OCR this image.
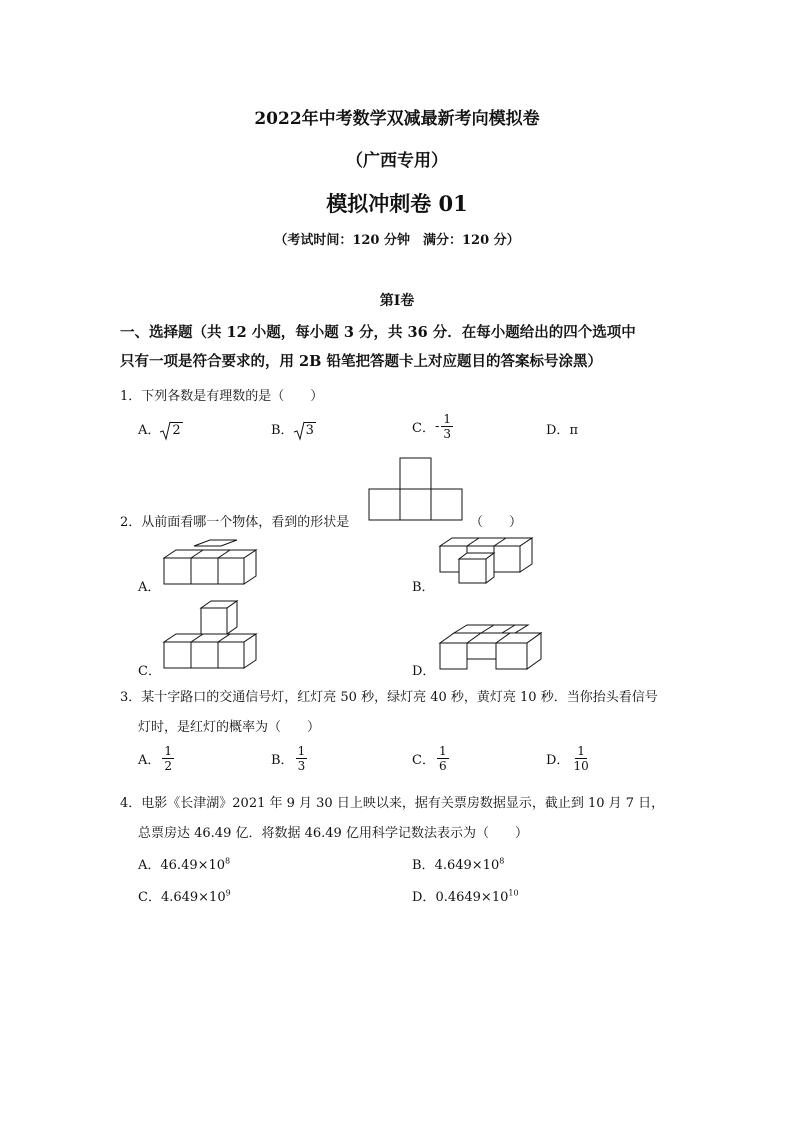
2022年中考数学双减最新考向模拟卷
（广西专用）
模拟冲刺卷 01
（考试时间：120 分钟　满分：120 分）
第Ⅰ卷
一、选择题（共 12 小题，每小题 3 分，共 36 分．在每小题给出的四个选项中
只有一项是符合要求的，用 2B 铅笔把答题卡上对应题目的答案标号涂黑）
1．下列各数是有理数的是（　　）
A． 2	B． 3	C．- $\frac{1}{3}$	D．π
2．从前面看哪一个物体，看到的形状是	（　　）
A．	B．
C．	D．
3．某十字路口的交通信号灯，红灯亮 50 秒，绿灯亮 40 秒，黄灯亮 10 秒．当你抬头看信号
灯时，是红灯的概率为（　　）
A． $\frac{1}{2}$	B． $\frac{1}{3}$	C． $\frac{1}{6}$	D． $\frac{1}{10}$
4．电影《长津湖》2021 年 9 月 30 日上映以来，据有关票房数据显示，截止到 10 月 7 日，
总票房达 46.49 亿．将数据 46.49 亿用科学记数法表示为（　　）
A．$46.49\times 10^8$	B．$4.649\times 10^8$
C．$4.649\times 10^9$	D．$0.4649\times 10^{10}$
